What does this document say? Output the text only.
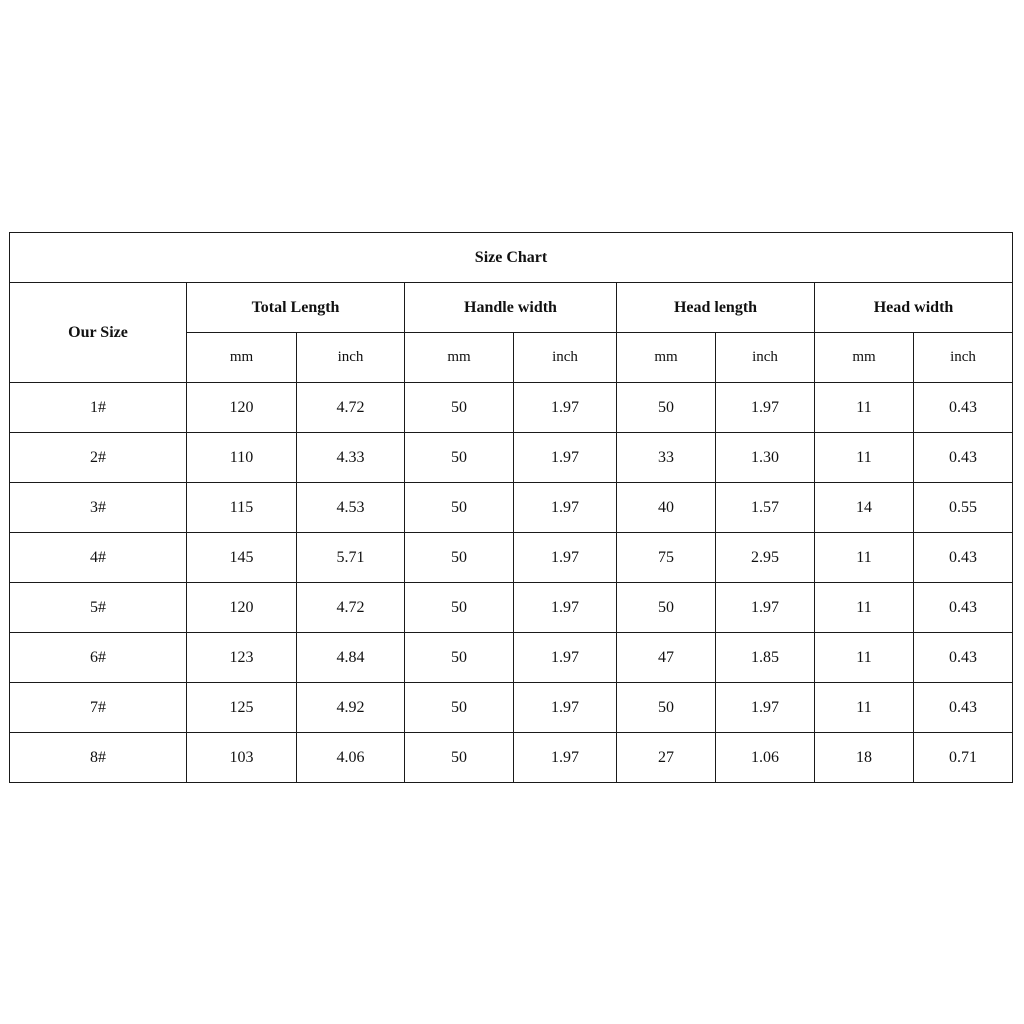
Size Chart								
Our Size	Total Length		Handle width		Head length		Head width	
	mm	inch	mm	inch	mm	inch	mm	inch
1#	120	4.72	50	1.97	50	1.97	11	0.43
2#	110	4.33	50	1.97	33	1.30	11	0.43
3#	115	4.53	50	1.97	40	1.57	14	0.55
4#	145	5.71	50	1.97	75	2.95	11	0.43
5#	120	4.72	50	1.97	50	1.97	11	0.43
6#	123	4.84	50	1.97	47	1.85	11	0.43
7#	125	4.92	50	1.97	50	1.97	11	0.43
8#	103	4.06	50	1.97	27	1.06	18	0.71
